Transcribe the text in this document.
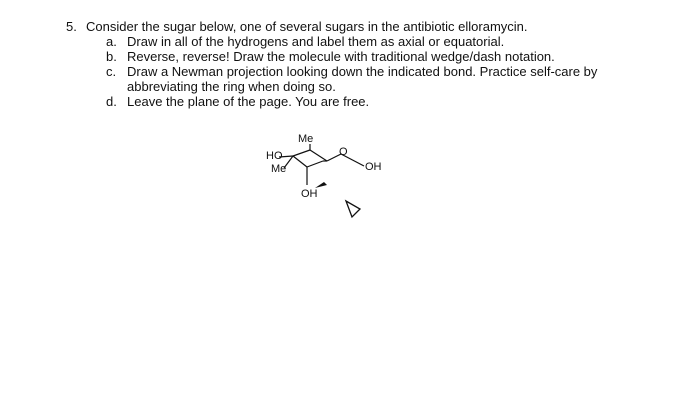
5. Consider the sugar below, one of several sugars in the antibiotic elloramycin.
a. Draw in all of the hydrogens and label them as axial or equatorial.
b. Reverse, reverse! Draw the molecule with traditional wedge/dash notation.
c. Draw a Newman projection looking down the indicated bond. Practice self-care by abbreviating the ring when doing so.
d. Leave the plane of the page. You are free.
Me
HO
Me
O
OH
OH
